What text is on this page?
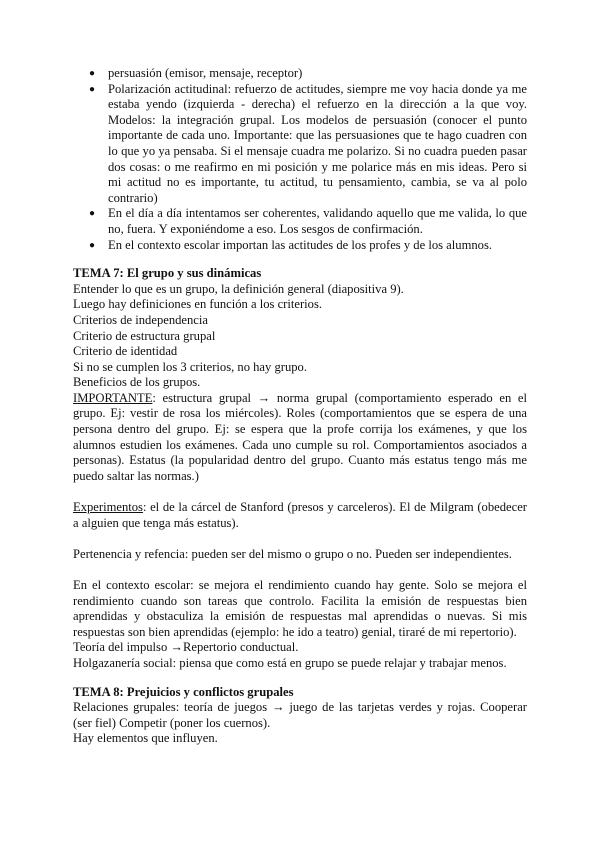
● persuasión (emisor, mensaje, receptor)
● Polarización actitudinal: refuerzo de actitudes, siempre me voy hacia donde ya me estaba yendo (izquierda - derecha) el refuerzo en la dirección a la que voy. Modelos: la integración grupal. Los modelos de persuasión (conocer el punto importante de cada uno. Importante: que las persuasiones que te hago cuadren con lo que yo ya pensaba. Si el mensaje cuadra me polarizo. Si no cuadra pueden pasar dos cosas: o me reafirmo en mi posición y me polarice más en mis ideas. Pero si mi actitud no es importante, tu actitud, tu pensamiento, cambia, se va al polo contrario)
● En el día a día intentamos ser coherentes, validando aquello que me valida, lo que no, fuera. Y exponiéndome a eso. Los sesgos de confirmación.
● En el contexto escolar importan las actitudes de los profes y de los alumnos.

TEMA 7: El grupo y sus dinámicas

Entender lo que es un grupo, la definición general (diapositiva 9).

Luego hay definiciones en función a los criterios.

Criterios de independencia

Criterio de estructura grupal

Criterio de identidad

Si no se cumplen los 3 criterios, no hay grupo.

Beneficios de los grupos.

IMPORTANTE: estructura grupal → norma grupal (comportamiento esperado en el grupo. Ej: vestir de rosa los miércoles). Roles (comportamientos que se espera de una persona dentro del grupo. Ej: se espera que la profe corrija los exámenes, y que los alumnos estudien los exámenes. Cada uno cumple su rol. Comportamientos asociados a personas). Estatus (la popularidad dentro del grupo. Cuanto más estatus tengo más me puedo saltar las normas.)

Experimentos: el de la cárcel de Stanford (presos y carceleros). El de Milgram (obedecer a alguien que tenga más estatus).

Pertenencia y refencia: pueden ser del mismo o grupo o no. Pueden ser independientes.

En el contexto escolar: se mejora el rendimiento cuando hay gente. Solo se mejora el rendimiento cuando son tareas que controlo. Facilita la emisión de respuestas bien aprendidas y obstaculiza la emisión de respuestas mal aprendidas o nuevas. Si mis respuestas son bien aprendidas (ejemplo: he ido a teatro) genial, tiraré de mi repertorio).

Teoría del impulso →Repertorio conductual.

Holgazanería social: piensa que como está en grupo se puede relajar y trabajar menos.

TEMA 8: Prejuicios y conflictos grupales

Relaciones grupales: teoría de juegos → juego de las tarjetas verdes y rojas. Cooperar (ser fiel) Competir (poner los cuernos).

Hay elementos que influyen.
